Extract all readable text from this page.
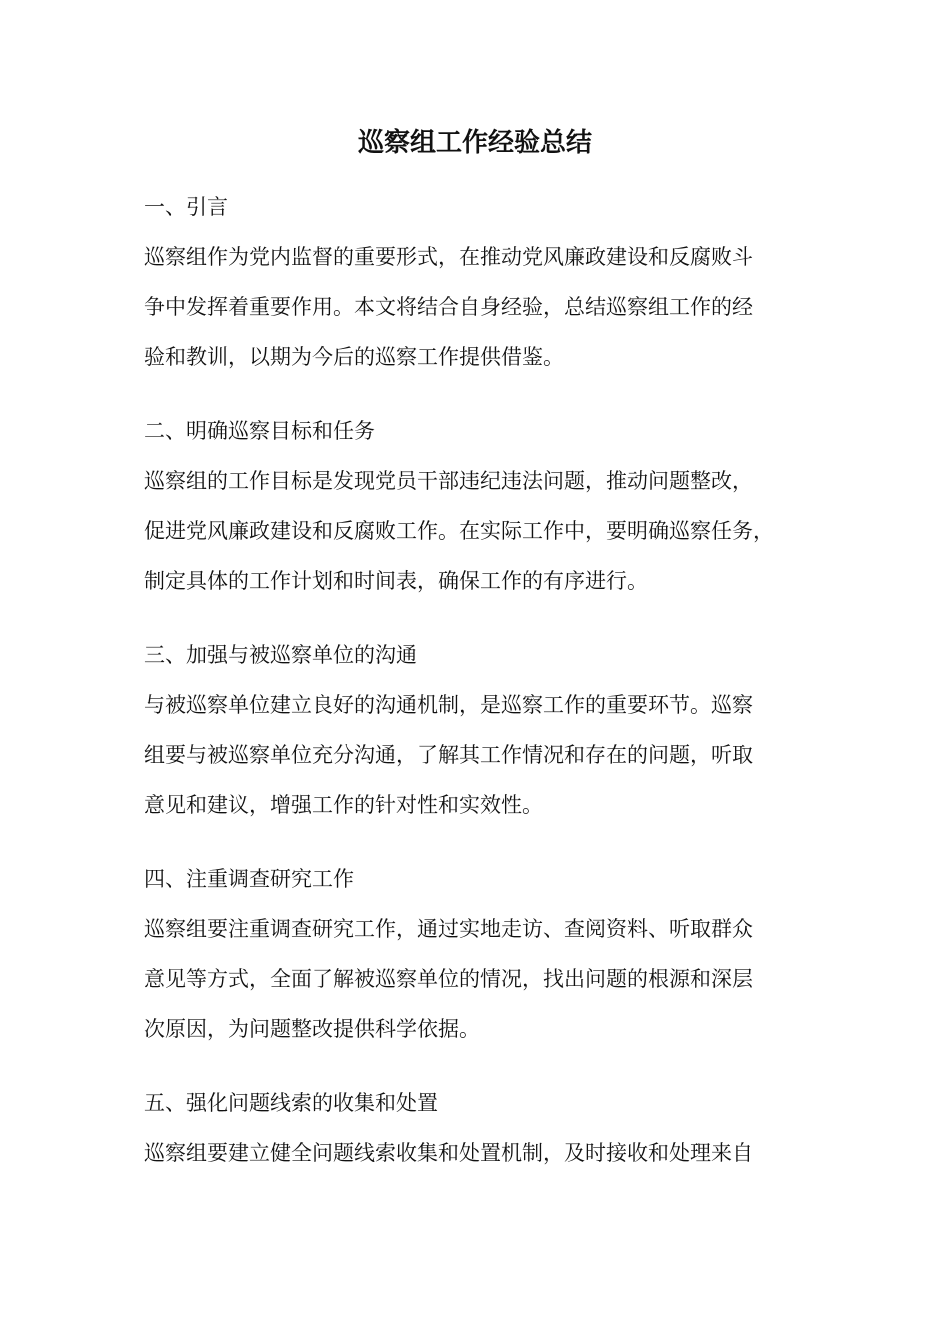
巡察组工作经验总结
一、引言
巡察组作为党内监督的重要形式，在推动党风廉政建设和反腐败斗
争中发挥着重要作用。本文将结合自身经验，总结巡察组工作的经
验和教训，以期为今后的巡察工作提供借鉴。
二、明确巡察目标和任务
巡察组的工作目标是发现党员干部违纪违法问题，推动问题整改，
促进党风廉政建设和反腐败工作。在实际工作中，要明确巡察任务，
制定具体的工作计划和时间表，确保工作的有序进行。
三、加强与被巡察单位的沟通
与被巡察单位建立良好的沟通机制，是巡察工作的重要环节。巡察
组要与被巡察单位充分沟通，了解其工作情况和存在的问题，听取
意见和建议，增强工作的针对性和实效性。
四、注重调查研究工作
巡察组要注重调查研究工作，通过实地走访、查阅资料、听取群众
意见等方式，全面了解被巡察单位的情况，找出问题的根源和深层
次原因，为问题整改提供科学依据。
五、强化问题线索的收集和处置
巡察组要建立健全问题线索收集和处置机制，及时接收和处理来自
